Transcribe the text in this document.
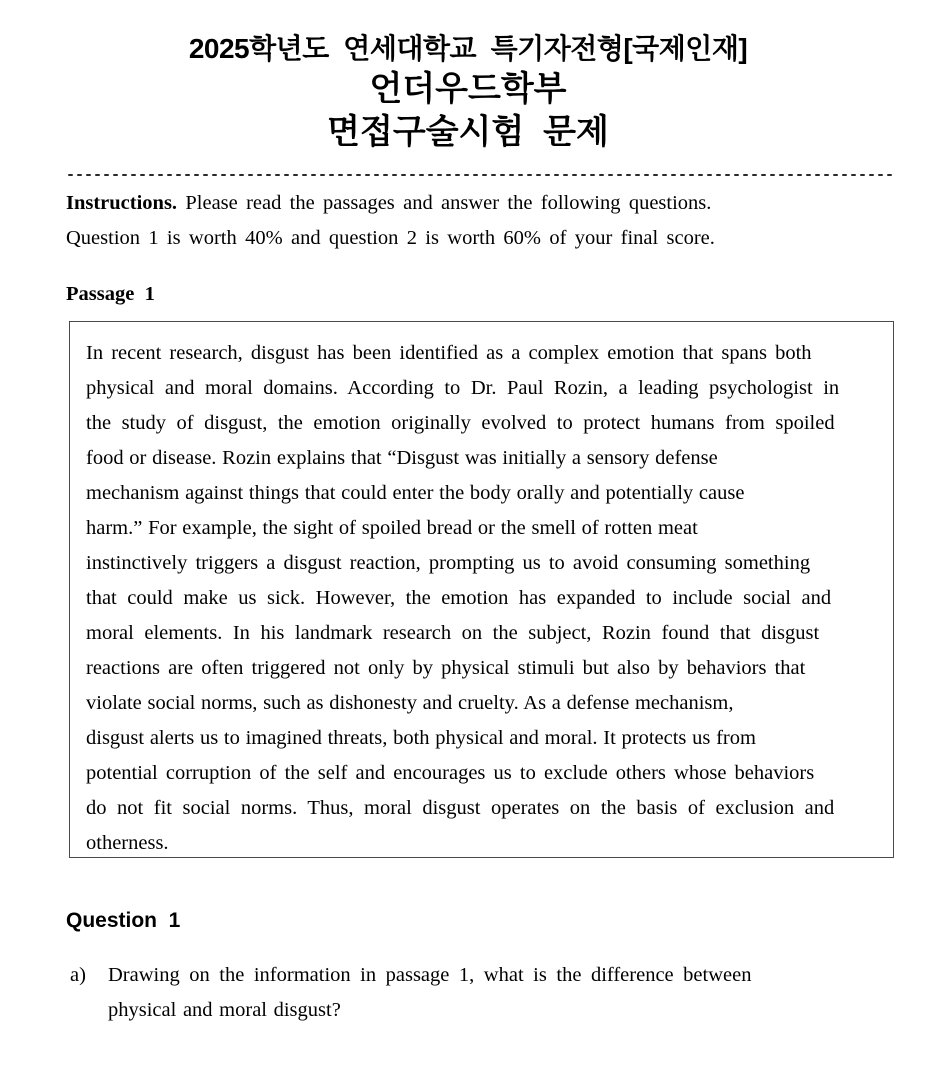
2025학년도  연세대학교  특기자전형[국제인재]
언더우드학부
면접구술시험  문제
Instructions. Please read the passages and answer the following questions.
Question 1 is worth 40% and question 2 is worth 60% of your final score.
Passage  1
In recent research, disgust has been identified as a complex emotion that spans both
physical and moral domains. According to Dr. Paul Rozin, a leading psychologist in
the study of disgust, the emotion originally evolved to protect humans from spoiled
food or disease. Rozin explains that “Disgust was initially a sensory defense
mechanism against things that could enter the body orally and potentially cause
harm.” For example, the sight of spoiled bread or the smell of rotten meat
instinctively triggers a disgust reaction, prompting us to avoid consuming something
that could make us sick. However, the emotion has expanded to include social and
moral elements. In his landmark research on the subject, Rozin found that disgust
reactions are often triggered not only by physical stimuli but also by behaviors that
violate social norms, such as dishonesty and cruelty. As a defense mechanism,
disgust alerts us to imagined threats, both physical and moral. It protects us from
potential corruption of the self and encourages us to exclude others whose behaviors
do not fit social norms. Thus, moral disgust operates on the basis of exclusion and
otherness.
Question  1
a) Drawing on the information in passage 1, what is the difference between
physical and moral disgust?
